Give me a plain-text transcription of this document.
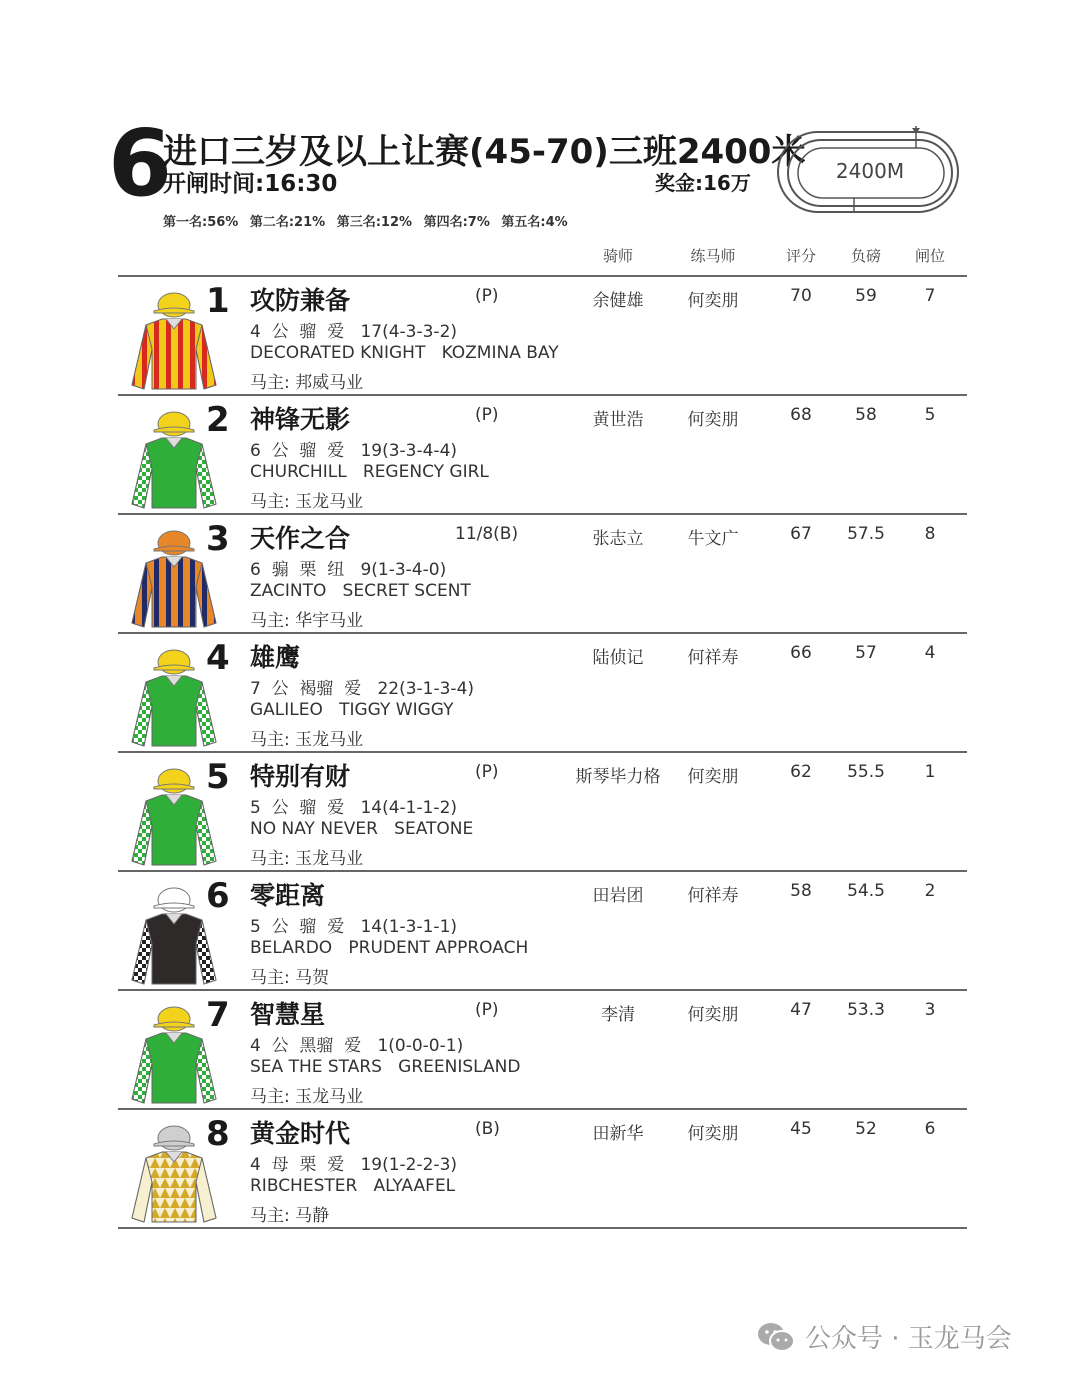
6
进口三岁及以上让赛(45-70)三班2400米
开闸时间:16:30	奖金:16万
第一名:56% 第二名:21% 第三名:12% 第四名:7% 第五名:4%
2400M
骑师	练马师	评分	负磅	闸位
1 攻防兼备	(P)
4  公  骝  爱   17(4-3-3-2)
DECORATED KNIGHT   KOZMINA BAY
马主: 邦威马业
余健雄	何奕朋	70	59	7
2 神锋无影	(P)
6  公  骝  爱   19(3-3-4-4)
CHURCHILL   REGENCY GIRL
马主: 玉龙马业
黄世浩	何奕朋	68	58	5
3 天作之合	11/8(B)
6  骟  栗  纽   9(1-3-4-0)
ZACINTO   SECRET SCENT
马主: 华宇马业
张志立	牛文广	67	57.5	8
4 雄鹰
7  公  褐骝  爱   22(3-1-3-4)
GALILEO   TIGGY WIGGY
马主: 玉龙马业
陆侦记	何祥寿	66	57	4
5 特别有财	(P)
5  公  骝  爱   14(4-1-1-2)
NO NAY NEVER   SEATONE
马主: 玉龙马业
斯琴毕力格	何奕朋	62	55.5	1
6 零距离
5  公  骝  爱   14(1-3-1-1)
BELARDO   PRUDENT APPROACH
马主: 马贺
田岩团	何祥寿	58	54.5	2
7 智慧星	(P)
4  公  黑骝  爱   1(0-0-0-1)
SEA THE STARS   GREENISLAND
马主: 玉龙马业
李清	何奕朋	47	53.3	3
8 黄金时代	(B)
4  母  栗  爱   19(1-2-2-3)
RIBCHESTER   ALYAAFEL
马主: 马静
田新华	何奕朋	45	52	6
公众号 · 玉龙马会
